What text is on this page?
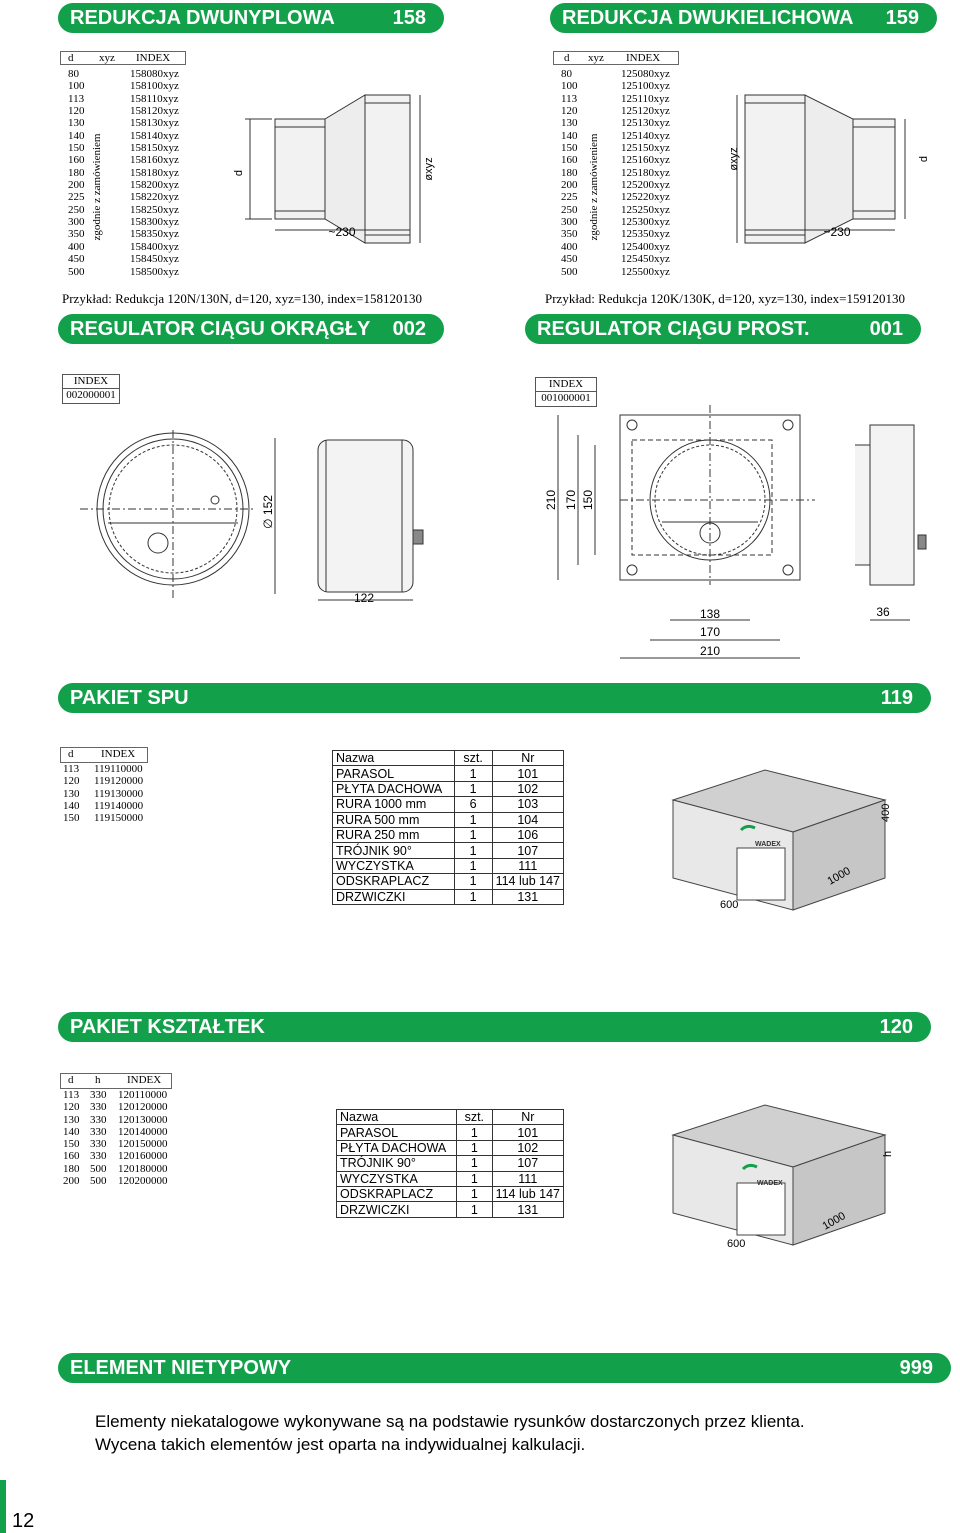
REDUKCJA DWUNYPLOWA	158	REDUKCJA DWUKIELICHOWA 159
d xyz INDEX
zgodnie z zamówieniem
80	158080xyz
100	158100xyz
113	158110xyz
120	158120xyz
130	158130xyz
140	158140xyz
150	158150xyz
160	158160xyz
180	158180xyz
200	158200xyz
225	158220xyz
250	158250xyz
300	158300xyz
350	158350xyz
400	158400xyz
450	158450xyz
500	158500xyz
d xyz INDEX
zgodnie z zamówieniem
80	125080xyz
100	125100xyz
113	125110xyz
120	125120xyz
130	125130xyz
140	125140xyz
150	125150xyz
160	125160xyz
180	125180xyz
200	125200xyz
225	125220xyz
250	125250xyz
300	125300xyz
350	125350xyz
400	125400xyz
450	125450xyz
500	125500xyz
d	øxyz
~230
øxyz	d
~230
Przykład: Redukcja 120N/130N, d=120, xyz=130, index=158120130	Przykład: Redukcja 120K/130K, d=120, xyz=130, index=159120130
REGULATOR CIĄGU OKRĄGŁY 002	REGULATOR CIĄGU PROST.	001
INDEX
002000001
INDEX
001000001
∅ 152
122
210 170 150
138
170
210
36
PAKIET SPU	119
d	INDEX
113 119110000
120 119120000
130 119130000
140 119140000
150 119150000
Nazwa	szt.	Nr
PARASOL	1	101
PŁYTA DACHOWA	1	102
RURA 1000 mm	6	103
RURA 500 mm	1	104
RURA 250 mm	1	106
TRÓJNIK 90°	1	107
WYCZYSTKA	1	111
ODSKRAPLACZ	1	114 lub 147
DRZWICZKI	1	131
WADEX
600
1000
400
PAKIET KSZTAŁTEK	120
d h INDEX
113 330 120110000
120 330 120120000
130 330 120130000
140 330 120140000
150 330 120150000
160 330 120160000
180 500 120180000
200 500 120200000
Nazwa	szt.	Nr
PARASOL	1	101
PŁYTA DACHOWA	1	102
TRÓJNIK 90°	1	107
WYCZYSTKA	1	111
ODSKRAPLACZ	1	114 lub 147
DRZWICZKI	1	131
WADEX
600
1000
h
ELEMENT NIETYPOWY	999
Elementy niekatalogowe wykonywane są na podstawie rysunków dostarczonych przez klienta.
Wycena takich elementów jest oparta na indywidualnej kalkulacji.
12
